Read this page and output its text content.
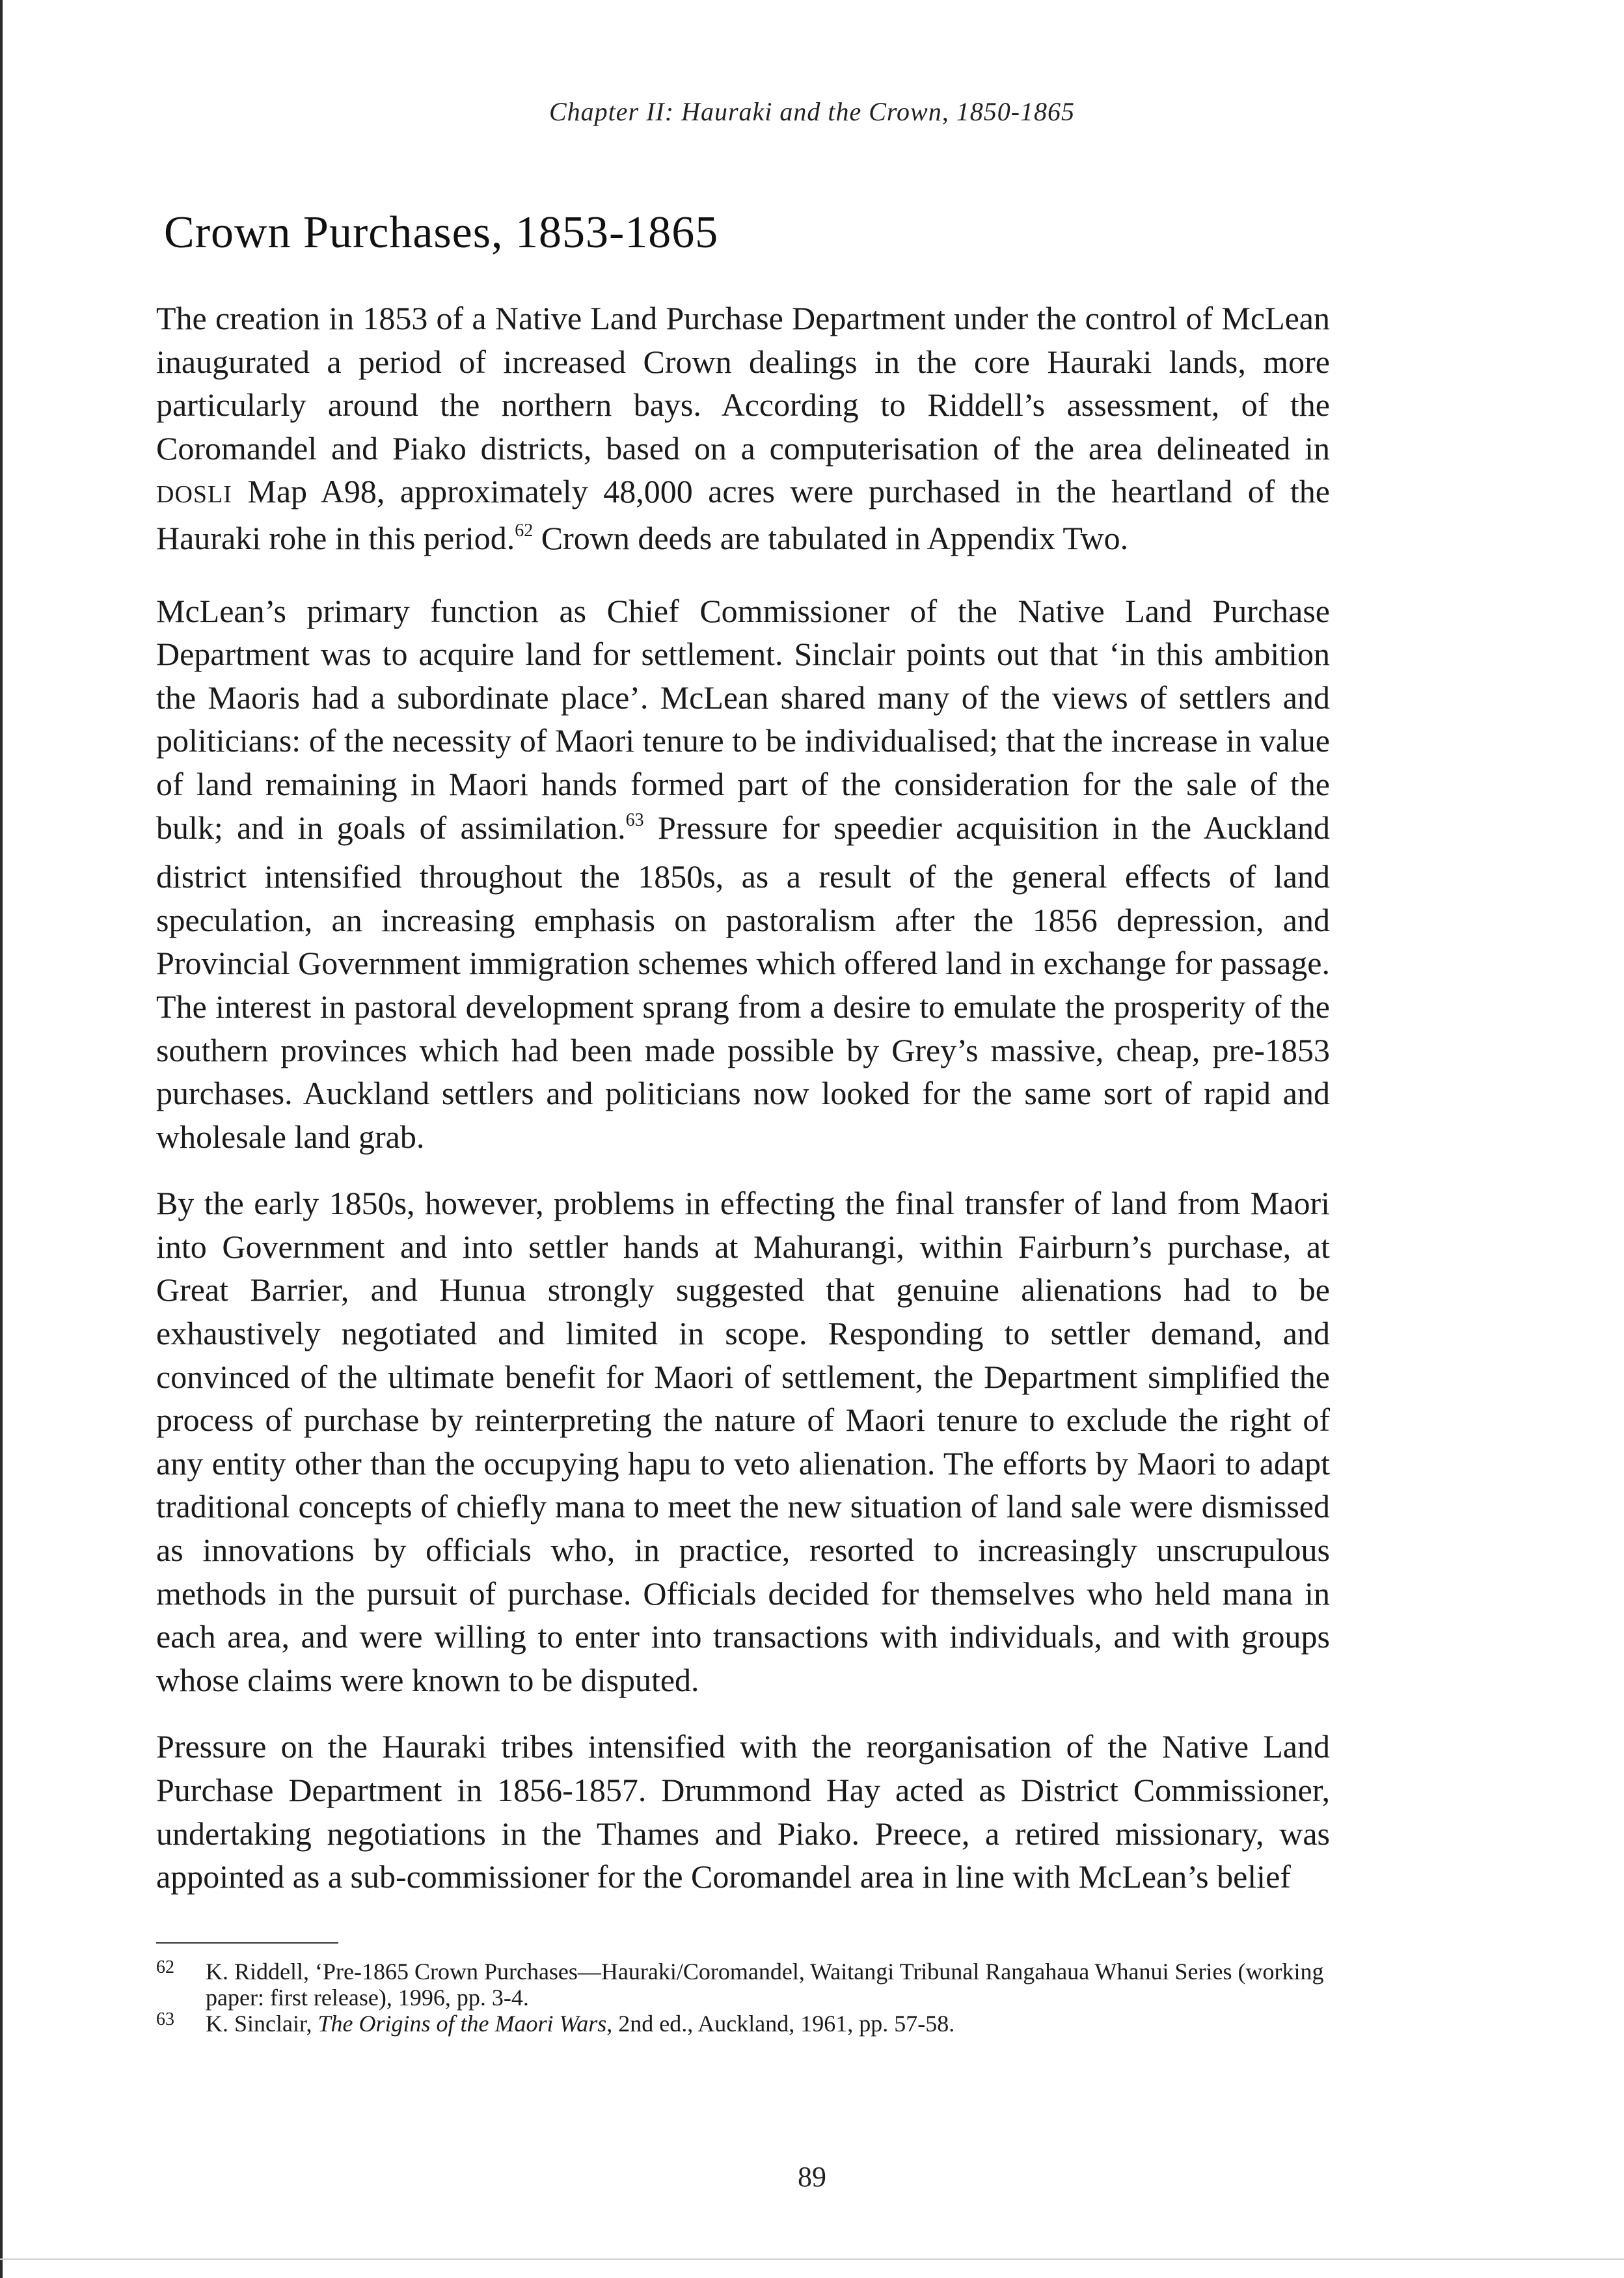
Chapter II: Hauraki and the Crown, 1850-1865
Crown Purchases, 1853-1865

The creation in 1853 of a Native Land Purchase Department under the control of McLean inaugurated a period of increased Crown dealings in the core Hauraki lands, more particularly around the northern bays. According to Riddell’s assessment, of the Coromandel and Piako districts, based on a computerisation of the area delineated in DOSLI Map A98, approximately 48,000 acres were purchased in the heartland of the Hauraki rohe in this period.$^{62}$ Crown deeds are tabulated in Appendix Two.

McLean’s primary function as Chief Commissioner of the Native Land Purchase Department was to acquire land for settlement. Sinclair points out that ‘in this ambition the Maoris had a subordinate place’. McLean shared many of the views of settlers and politicians: of the necessity of Maori tenure to be individualised; that the increase in value of land remaining in Maori hands formed part of the consideration for the sale of the bulk; and in goals of assimilation.$^{63}$ Pressure for speedier acquisition in the Auckland district intensified throughout the 1850s, as a result of the general effects of land speculation, an increasing emphasis on pastoralism after the 1856 depression, and Provincial Government immigration schemes which offered land in exchange for passage. The interest in pastoral development sprang from a desire to emulate the prosperity of the southern provinces which had been made possible by Grey’s massive, cheap, pre-1853 purchases. Auckland settlers and politicians now looked for the same sort of rapid and wholesale land grab.

By the early 1850s, however, problems in effecting the final transfer of land from Maori into Government and into settler hands at Mahurangi, within Fairburn’s purchase, at Great Barrier, and Hunua strongly suggested that genuine alienations had to be exhaustively negotiated and limited in scope. Responding to settler demand, and convinced of the ultimate benefit for Maori of settlement, the Department simplified the process of purchase by reinterpreting the nature of Maori tenure to exclude the right of any entity other than the occupying hapu to veto alienation. The efforts by Maori to adapt traditional concepts of chiefly mana to meet the new situation of land sale were dismissed as innovations by officials who, in practice, resorted to increasingly unscrupulous methods in the pursuit of purchase. Officials decided for themselves who held mana in each area, and were willing to enter into transactions with individuals, and with groups whose claims were known to be disputed.

Pressure on the Hauraki tribes intensified with the reorganisation of the Native Land Purchase Department in 1856-1857. Drummond Hay acted as District Commissioner, undertaking negotiations in the Thames and Piako. Preece, a retired missionary, was appointed as a sub-commissioner for the Coromandel area in line with McLean’s belief

62 K. Riddell, ‘Pre-1865 Crown Purchases—Hauraki/Coromandel, Waitangi Tribunal Rangahaua Whanui Series (working paper: first release), 1996, pp. 3-4.

63 K. Sinclair, The Origins of the Maori Wars, 2nd ed., Auckland, 1961, pp. 57-58.

89
